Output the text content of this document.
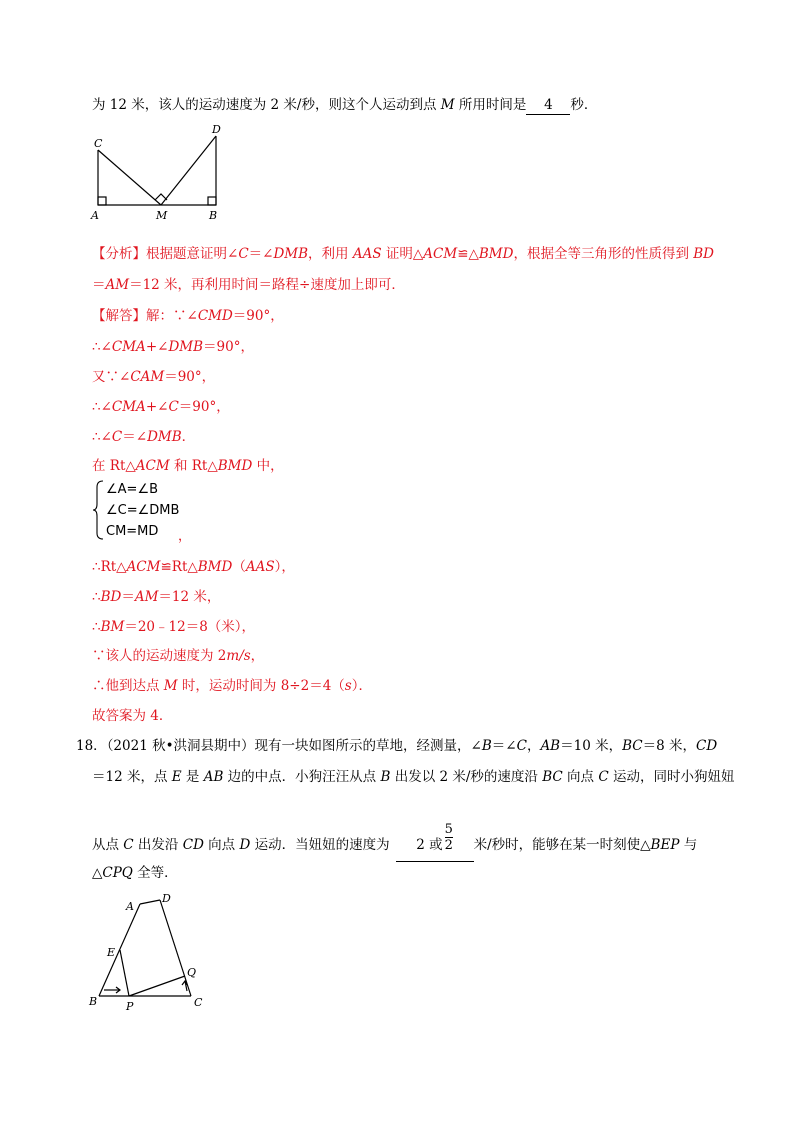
为 12 米，该人的运动速度为 2 米/秒，则这个人运动到点 M 所用时间是 4 秒．
C
D
A	M	B
【分析】根据题意证明∠C＝∠DMB，利用 AAS 证明△ACM≌△BMD，根据全等三角形的性质得到 BD
＝AM＝12 米，再利用时间＝路程÷速度加上即可．
【解答】解：∵∠CMD＝90°，
∴∠CMA+∠DMB＝90°，
又∵∠CAM＝90°，
∴∠CMA+∠C＝90°，
∴∠C＝∠DMB．
在 Rt△ACM 和 Rt△BMD 中，
∠A=∠B
∠C=∠DMB
CM=MD ，
∴Rt△ACM≌Rt△BMD（AAS），
∴BD＝AM＝12 米，
∴BM＝20﹣12＝8（米），
∵该人的运动速度为 2m/s，
∴他到达点 M 时，运动时间为 8÷2＝4（s）．
故答案为 4．
18．（2021 秋•洪洞县期中）现有一块如图所示的草地，经测量，∠B＝∠C，AB＝10 米，BC＝8 米，CD
＝12 米，点 E 是 AB 边的中点．小狗汪汪从点 B 出发以 2 米/秒的速度沿 BC 向点 C 运动，同时小狗妞妞
从点 C 出发沿 CD 向点 D 运动．当妞妞的速度为 2 或 $\frac{5}{2}$ 米/秒时，能够在某一时刻使△BEP 与
△CPQ 全等．
A
D
E
Q
B	P	C
